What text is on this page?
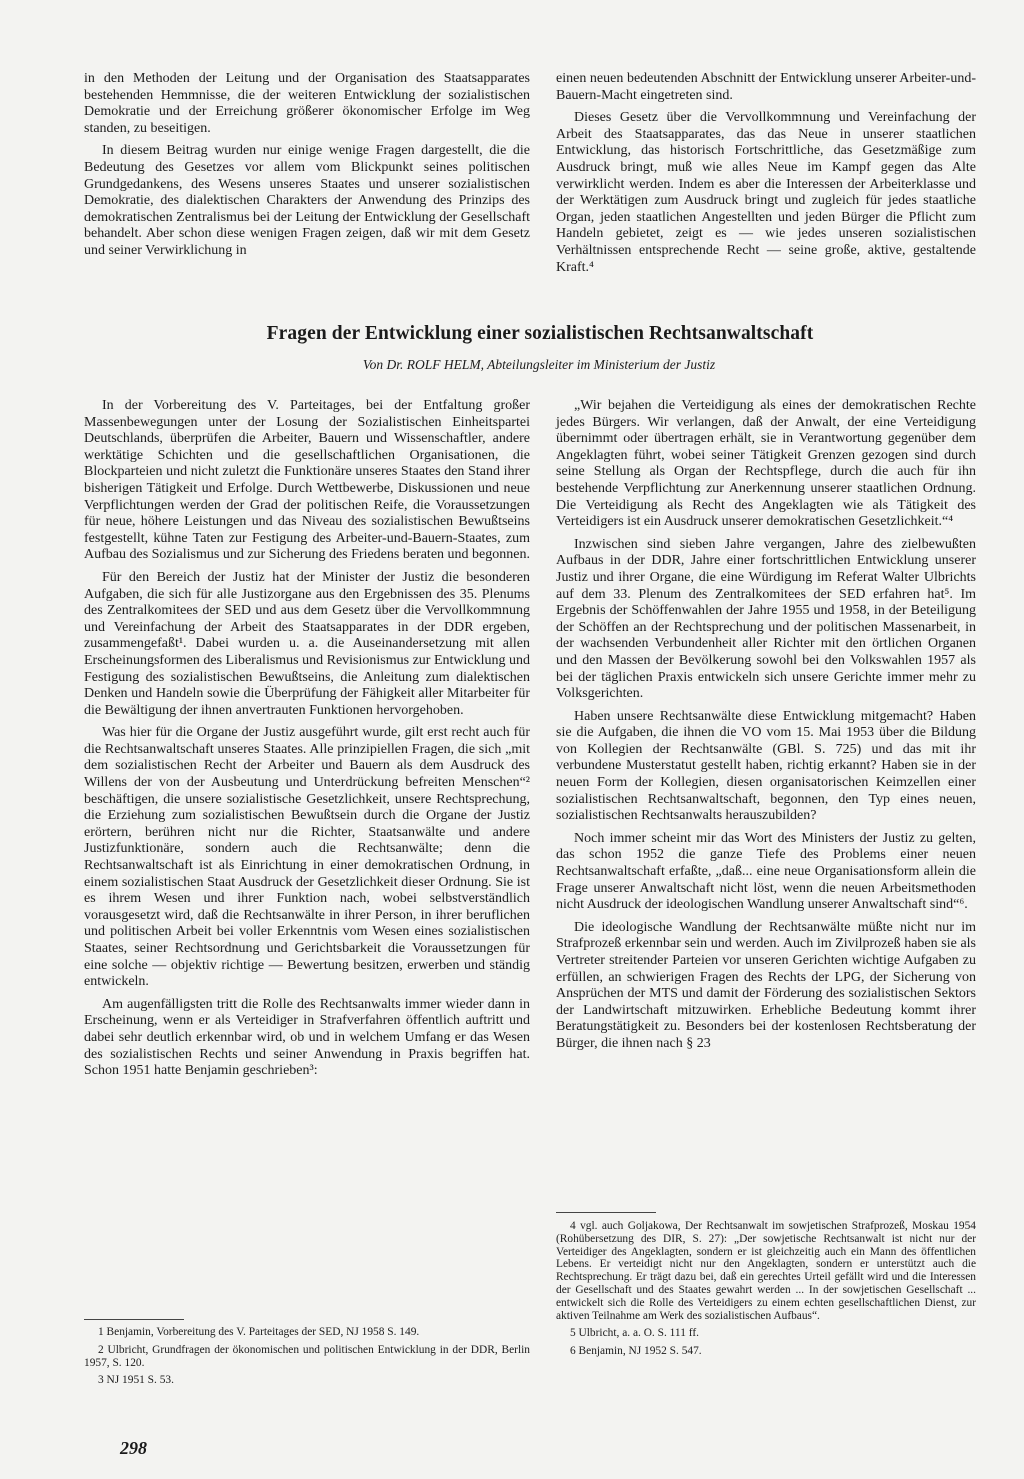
in den Methoden der Leitung und der Organisation des Staatsapparates bestehenden Hemmnisse, die der weiteren Entwicklung der sozialistischen Demokratie und der Erreichung größerer ökonomischer Erfolge im Weg standen, zu beseitigen.

In diesem Beitrag wurden nur einige wenige Fragen dargestellt, die die Bedeutung des Gesetzes vor allem vom Blickpunkt seines politischen Grundgedankens, des Wesens unseres Staates und unserer sozialistischen Demokratie, des dialektischen Charakters der Anwendung des Prinzips des demokratischen Zentralismus bei der Leitung der Entwicklung der Gesellschaft behandelt. Aber schon diese wenigen Fragen zeigen, daß wir mit dem Gesetz und seiner Verwirklichung in

einen neuen bedeutenden Abschnitt der Entwicklung unserer Arbeiter-und-Bauern-Macht eingetreten sind.

Dieses Gesetz über die Vervollkommnung und Vereinfachung der Arbeit des Staatsapparates, das das Neue in unserer staatlichen Entwicklung, das historisch Fortschrittliche, das Gesetzmäßige zum Ausdruck bringt, muß wie alles Neue im Kampf gegen das Alte verwirklicht werden. Indem es aber die Interessen der Arbeiterklasse und der Werktätigen zum Ausdruck bringt und zugleich für jedes staatliche Organ, jeden staatlichen Angestellten und jeden Bürger die Pflicht zum Handeln gebietet, zeigt es — wie jedes unseren sozialistischen Verhältnissen entsprechende Recht — seine große, aktive, gestaltende Kraft.⁴

Fragen der Entwicklung einer sozialistischen Rechtsanwaltschaft
Von Dr. ROLF HELM, Abteilungsleiter im Ministerium der Justiz

In der Vorbereitung des V. Parteitages, bei der Entfaltung großer Massenbewegungen unter der Losung der Sozialistischen Einheitspartei Deutschlands, überprüfen die Arbeiter, Bauern und Wissenschaftler, andere werktätige Schichten und die gesellschaftlichen Organisationen, die Blockparteien und nicht zuletzt die Funktionäre unseres Staates den Stand ihrer bisherigen Tätigkeit und Erfolge. Durch Wettbewerbe, Diskussionen und neue Verpflichtungen werden der Grad der politischen Reife, die Voraussetzungen für neue, höhere Leistungen und das Niveau des sozialistischen Bewußtseins festgestellt, kühne Taten zur Festigung des Arbeiter-und-Bauern-Staates, zum Aufbau des Sozialismus und zur Sicherung des Friedens beraten und begonnen.

Für den Bereich der Justiz hat der Minister der Justiz die besonderen Aufgaben, die sich für alle Justizorgane aus den Ergebnissen des 35. Plenums des Zentralkomitees der SED und aus dem Gesetz über die Vervollkommnung und Vereinfachung der Arbeit des Staatsapparates in der DDR ergeben, zusammengefaßt¹. Dabei wurden u. a. die Auseinandersetzung mit allen Erscheinungsformen des Liberalismus und Revisionismus zur Entwicklung und Festigung des sozialistischen Bewußtseins, die Anleitung zum dialektischen Denken und Handeln sowie die Überprüfung der Fähigkeit aller Mitarbeiter für die Bewältigung der ihnen anvertrauten Funktionen hervorgehoben.

Was hier für die Organe der Justiz ausgeführt wurde, gilt erst recht auch für die Rechtsanwaltschaft unseres Staates. Alle prinzipiellen Fragen, die sich „mit dem sozialistischen Recht der Arbeiter und Bauern als dem Ausdruck des Willens der von der Ausbeutung und Unterdrückung befreiten Menschen“² beschäftigen, die unsere sozialistische Gesetzlichkeit, unsere Rechtsprechung, die Erziehung zum sozialistischen Bewußtsein durch die Organe der Justiz erörtern, berühren nicht nur die Richter, Staatsanwälte und andere Justizfunktionäre, sondern auch die Rechtsanwälte; denn die Rechtsanwaltschaft ist als Einrichtung in einer demokratischen Ordnung, in einem sozialistischen Staat Ausdruck der Gesetzlichkeit dieser Ordnung. Sie ist es ihrem Wesen und ihrer Funktion nach, wobei selbstverständlich vorausgesetzt wird, daß die Rechtsanwälte in ihrer Person, in ihrer beruflichen und politischen Arbeit bei voller Erkenntnis vom Wesen eines sozialistischen Staates, seiner Rechtsordnung und Gerichtsbarkeit die Voraussetzungen für eine solche — objektiv richtige — Bewertung besitzen, erwerben und ständig entwickeln.

Am augenfälligsten tritt die Rolle des Rechtsanwalts immer wieder dann in Erscheinung, wenn er als Verteidiger in Strafverfahren öffentlich auftritt und dabei sehr deutlich erkennbar wird, ob und in welchem Umfang er das Wesen des sozialistischen Rechts und seiner Anwendung in Praxis begriffen hat. Schon 1951 hatte Benjamin geschrieben³:

„Wir bejahen die Verteidigung als eines der demokratischen Rechte jedes Bürgers. Wir verlangen, daß der Anwalt, der eine Verteidigung übernimmt oder übertragen erhält, sie in Verantwortung gegenüber dem Angeklagten führt, wobei seiner Tätigkeit Grenzen gezogen sind durch seine Stellung als Organ der Rechtspflege, durch die auch für ihn bestehende Verpflichtung zur Anerkennung unserer staatlichen Ordnung. Die Verteidigung als Recht des Angeklagten wie als Tätigkeit des Verteidigers ist ein Ausdruck unserer demokratischen Gesetzlichkeit.“⁴

Inzwischen sind sieben Jahre vergangen, Jahre des zielbewußten Aufbaus in der DDR, Jahre einer fortschrittlichen Entwicklung unserer Justiz und ihrer Organe, die eine Würdigung im Referat Walter Ulbrichts auf dem 33. Plenum des Zentralkomitees der SED erfahren hat⁵. Im Ergebnis der Schöffenwahlen der Jahre 1955 und 1958, in der Beteiligung der Schöffen an der Rechtsprechung und der politischen Massenarbeit, in der wachsenden Verbundenheit aller Richter mit den örtlichen Organen und den Massen der Bevölkerung sowohl bei den Volkswahlen 1957 als bei der täglichen Praxis entwickeln sich unsere Gerichte immer mehr zu Volksgerichten.

Haben unsere Rechtsanwälte diese Entwicklung mitgemacht? Haben sie die Aufgaben, die ihnen die VO vom 15. Mai 1953 über die Bildung von Kollegien der Rechtsanwälte (GBl. S. 725) und das mit ihr verbundene Musterstatut gestellt haben, richtig erkannt? Haben sie in der neuen Form der Kollegien, diesen organisatorischen Keimzellen einer sozialistischen Rechtsanwaltschaft, begonnen, den Typ eines neuen, sozialistischen Rechtsanwalts herauszubilden?

Noch immer scheint mir das Wort des Ministers der Justiz zu gelten, das schon 1952 die ganze Tiefe des Problems einer neuen Rechtsanwaltschaft erfaßte, „daß... eine neue Organisationsform allein die Frage unserer Anwaltschaft nicht löst, wenn die neuen Arbeitsmethoden nicht Ausdruck der ideologischen Wandlung unserer Anwaltschaft sind“⁶.

Die ideologische Wandlung der Rechtsanwälte müßte nicht nur im Strafprozeß erkennbar sein und werden. Auch im Zivilprozeß haben sie als Vertreter streitender Parteien vor unseren Gerichten wichtige Aufgaben zu erfüllen, an schwierigen Fragen des Rechts der LPG, der Sicherung von Ansprüchen der MTS und damit der Förderung des sozialistischen Sektors der Landwirtschaft mitzuwirken. Erhebliche Bedeutung kommt ihrer Beratungstätigkeit zu. Besonders bei der kostenlosen Rechtsberatung der Bürger, die ihnen nach § 23

4 vgl. auch Goljakowa, Der Rechtsanwalt im sowjetischen Strafprozeß, Moskau 1954 (Rohübersetzung des DIR, S. 27): „Der sowjetische Rechtsanwalt ist nicht nur der Verteidiger des Angeklagten, sondern er ist gleichzeitig auch ein Mann des öffentlichen Lebens. Er verteidigt nicht nur den Angeklagten, sondern er unterstützt auch die Rechtsprechung. Er trägt dazu bei, daß ein gerechtes Urteil gefällt wird und die Interessen der Gesellschaft und des Staates gewahrt werden ... In der sowjetischen Gesellschaft ... entwickelt sich die Rolle des Verteidigers zu einem echten gesellschaftlichen Dienst, zur aktiven Teilnahme am Werk des sozialistischen Aufbaus“.

5 Ulbricht, a. a. O. S. 111 ff.

6 Benjamin, NJ 1952 S. 547.

1 Benjamin, Vorbereitung des V. Parteitages der SED, NJ 1958 S. 149.

2 Ulbricht, Grundfragen der ökonomischen und politischen Entwicklung in der DDR, Berlin 1957, S. 120.

3 NJ 1951 S. 53.

298
